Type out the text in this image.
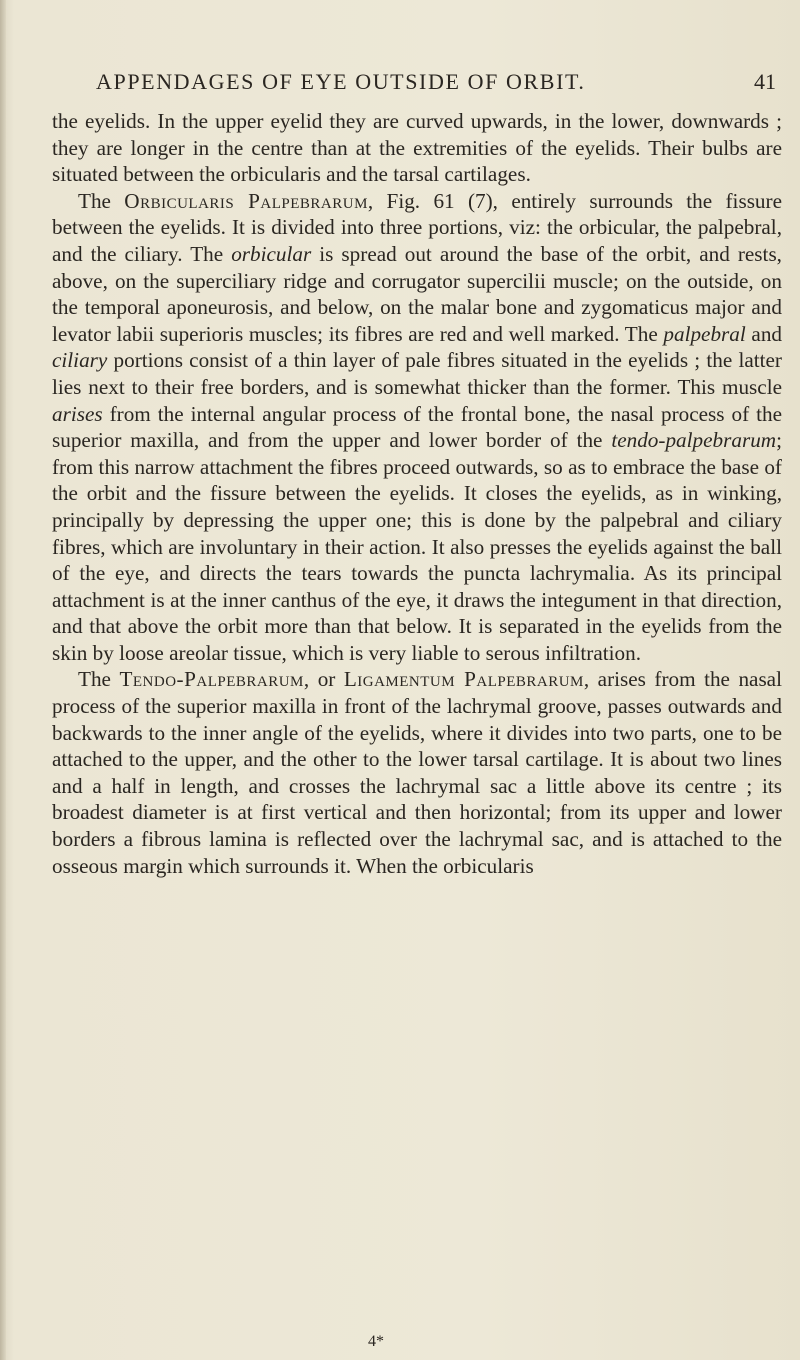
APPENDAGES OF EYE OUTSIDE OF ORBIT.	41

the eyelids. In the upper eyelid they are curved upwards, in the lower, downwards ; they are longer in the centre than at the extremities of the eyelids. Their bulbs are situated between the orbicularis and the tarsal cartilages.

The Orbicularis Palpebrarum, Fig. 61 (7), entirely surrounds the fissure between the eyelids. It is divided into three portions, viz: the orbicular, the palpebral, and the ciliary. The orbicular is spread out around the base of the orbit, and rests, above, on the superciliary ridge and corrugator supercilii muscle; on the outside, on the temporal aponeurosis, and below, on the malar bone and zygomaticus major and levator labii superioris muscles; its fibres are red and well marked. The palpebral and ciliary portions consist of a thin layer of pale fibres situated in the eyelids ; the latter lies next to their free borders, and is somewhat thicker than the former. This muscle arises from the internal angular process of the frontal bone, the nasal process of the superior maxilla, and from the upper and lower border of the tendo-palpebrarum; from this narrow attachment the fibres proceed outwards, so as to embrace the base of the orbit and the fissure between the eyelids. It closes the eyelids, as in winking, principally by depressing the upper one; this is done by the palpebral and ciliary fibres, which are involuntary in their action. It also presses the eyelids against the ball of the eye, and directs the tears towards the puncta lachrymalia. As its principal attachment is at the inner canthus of the eye, it draws the integument in that direction, and that above the orbit more than that below. It is separated in the eyelids from the skin by loose areolar tissue, which is very liable to serous infiltration.

The Tendo-Palpebrarum, or Ligamentum Palpebrarum, arises from the nasal process of the superior maxilla in front of the lachrymal groove, passes outwards and backwards to the inner angle of the eyelids, where it divides into two parts, one to be attached to the upper, and the other to the lower tarsal cartilage. It is about two lines and a half in length, and crosses the lachrymal sac a little above its centre ; its broadest diameter is at first vertical and then horizontal; from its upper and lower borders a fibrous lamina is reflected over the lachrymal sac, and is attached to the osseous margin which surrounds it. When the orbicularis

4*
